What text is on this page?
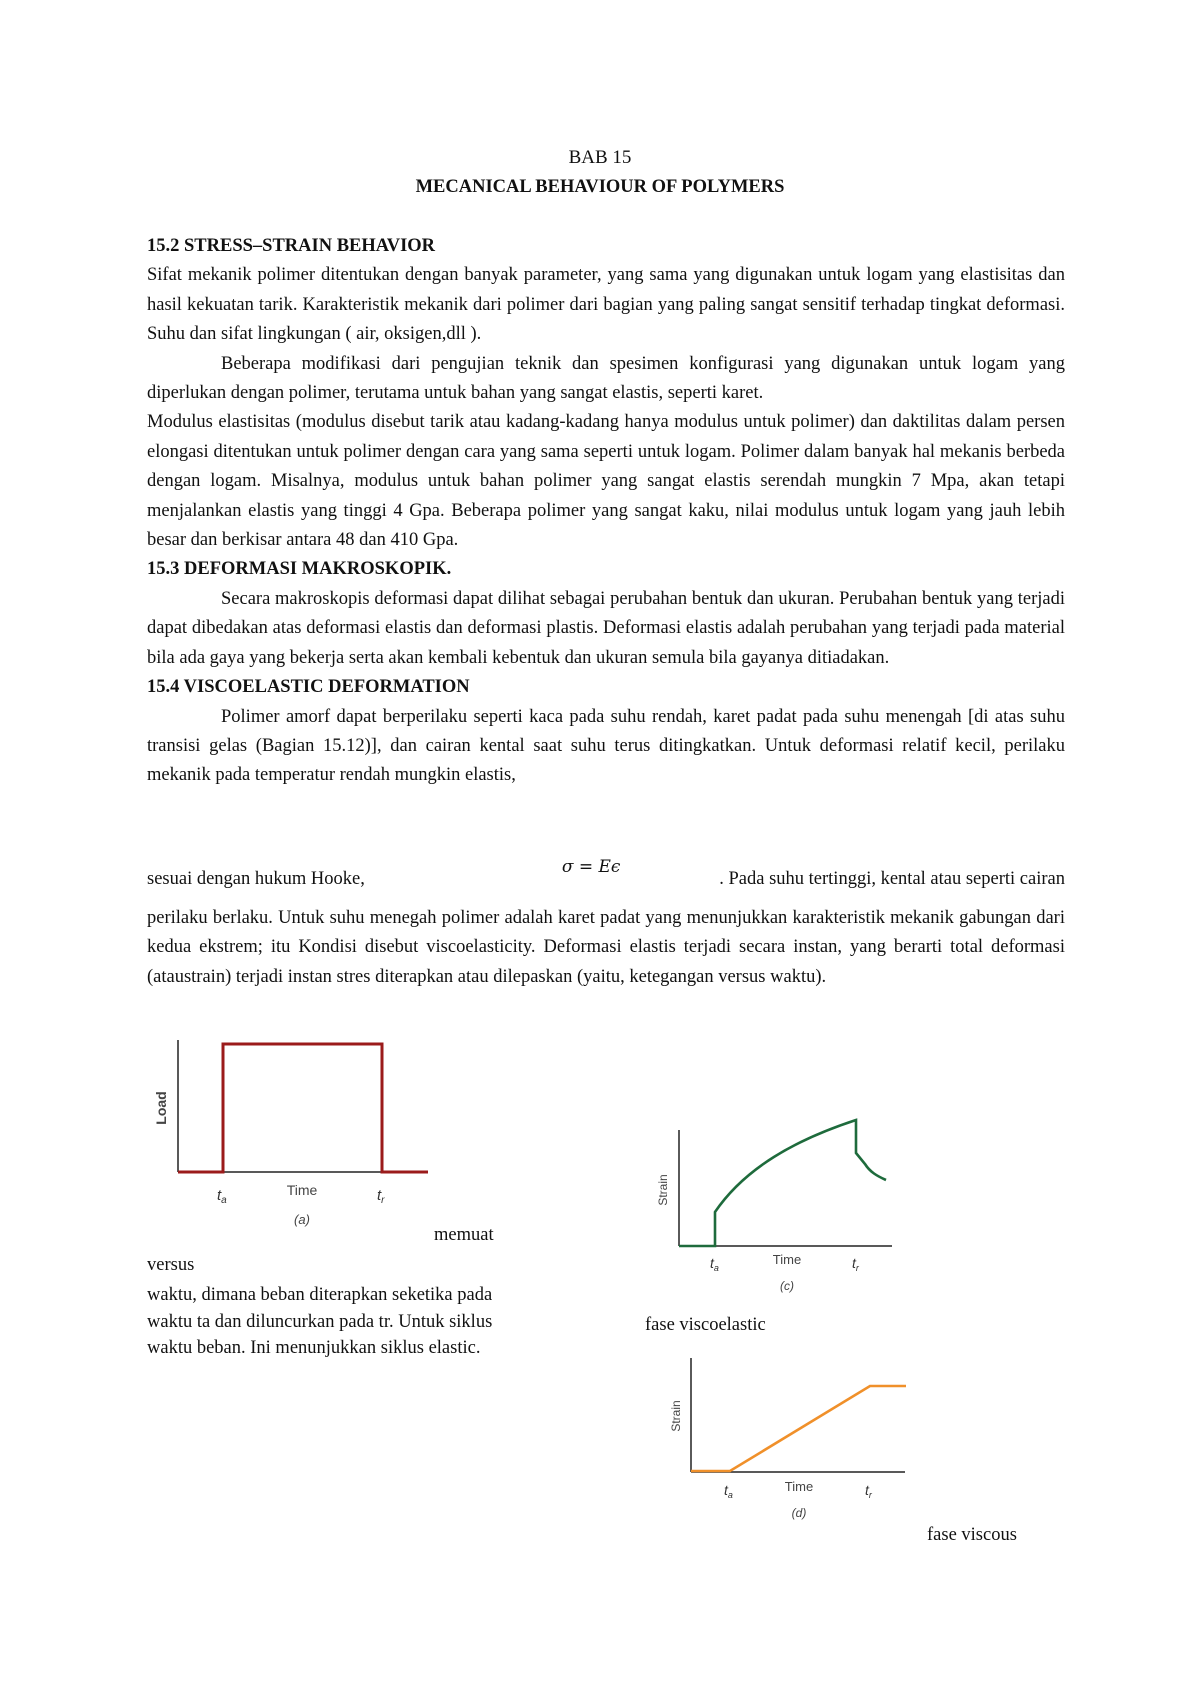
BAB 15
MECANICAL BEHAVIOUR OF POLYMERS

15.2 STRESS–STRAIN BEHAVIOR

Sifat mekanik polimer ditentukan dengan banyak parameter, yang sama yang digunakan untuk logam yang elastisitas dan hasil kekuatan tarik. Karakteristik mekanik dari polimer dari bagian yang paling sangat sensitif terhadap tingkat deformasi. Suhu dan sifat lingkungan ( air, oksigen,dll ).

Beberapa modifikasi dari pengujian teknik dan spesimen konfigurasi yang digunakan untuk logam yang diperlukan dengan polimer, terutama untuk bahan yang sangat elastis, seperti karet.

Modulus elastisitas (modulus disebut tarik atau kadang-kadang hanya modulus untuk polimer) dan daktilitas dalam persen elongasi ditentukan untuk polimer dengan cara yang sama seperti untuk logam. Polimer dalam banyak hal mekanis berbeda dengan logam. Misalnya, modulus untuk bahan polimer yang sangat elastis serendah mungkin 7 Mpa, akan tetapi menjalankan elastis yang tinggi 4 Gpa. Beberapa polimer yang sangat kaku, nilai modulus untuk logam yang jauh lebih besar dan berkisar antara 48 dan 410 Gpa.

15.3 DEFORMASI MAKROSKOPIK.

Secara makroskopis deformasi dapat dilihat sebagai perubahan bentuk dan ukuran. Perubahan bentuk yang terjadi dapat dibedakan atas deformasi elastis dan deformasi plastis. Deformasi elastis adalah perubahan yang terjadi pada material bila ada gaya yang bekerja serta akan kembali kebentuk dan ukuran semula bila gayanya ditiadakan.

15.4 VISCOELASTIC DEFORMATION

Polimer amorf dapat berperilaku seperti kaca pada suhu rendah, karet padat pada suhu menengah [di atas suhu transisi gelas (Bagian 15.12)], dan cairan kental saat suhu terus ditingkatkan. Untuk deformasi relatif kecil, perilaku mekanik pada temperatur rendah mungkin elastis,

sesuai dengan hukum Hooke,
σ = Eϵ
. Pada suhu tertinggi, kental atau seperti cairan

perilaku berlaku. Untuk suhu menegah polimer adalah karet padat yang menunjukkan karakteristik mekanik gabungan dari kedua ekstrem; itu Kondisi disebut viscoelasticity. Deformasi elastis terjadi secara instan, yang berarti total deformasi (ataustrain) terjadi instan stres diterapkan atau dilepaskan (yaitu, ketegangan versus waktu).

Load
$t_a$
Time	$t_r$
(a)
memuat
versus
waktu, dimana beban diterapkan seketika pada
waktu ta dan diluncurkan pada tr. Untuk siklus
waktu beban. Ini menunjukkan siklus elastic.
Strain
$t_a$
Time	$t_r$
(c)
fase viscoelastic
Strain
$t_a$
Time	$t_r$
(d)
fase viscous
